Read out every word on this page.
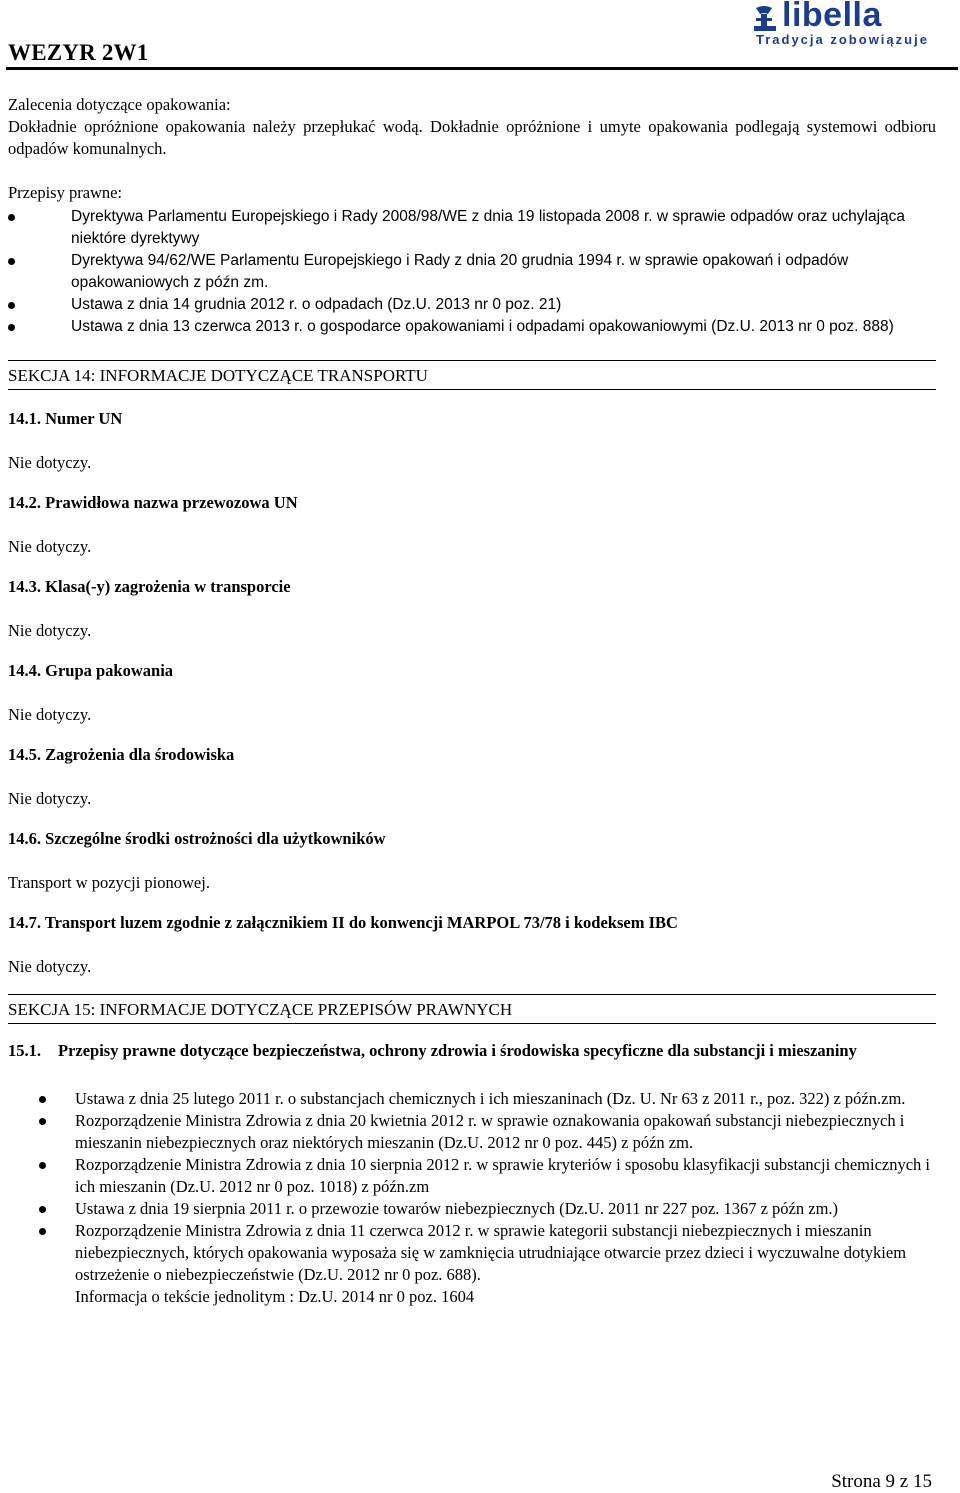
WEZYR 2W1
libella
Tradycja zobowiązuje

Zalecenia dotyczące opakowania:

Dokładnie opróżnione opakowania należy przepłukać wodą. Dokładnie opróżnione i umyte opakowania podlegają systemowi odbioru odpadów komunalnych.

Przepisy prawne:

Dyrektywa Parlamentu Europejskiego i Rady 2008/98/WE z dnia 19 listopada 2008 r. w sprawie odpadów oraz uchylająca niektóre dyrektywy
Dyrektywa 94/62/WE Parlamentu Europejskiego i Rady z dnia 20 grudnia 1994 r. w sprawie opakowań i odpadów opakowaniowych z późn zm.
Ustawa z dnia 14 grudnia 2012 r. o odpadach (Dz.U. 2013 nr 0 poz. 21)
Ustawa z dnia 13 czerwca 2013 r. o gospodarce opakowaniami i odpadami opakowaniowymi (Dz.U. 2013 nr 0 poz. 888)

SEKCJA 14: INFORMACJE DOTYCZĄCE TRANSPORTU

14.1. Numer UN

Nie dotyczy.

14.2. Prawidłowa nazwa przewozowa UN

Nie dotyczy.

14.3. Klasa(-y) zagrożenia w transporcie

Nie dotyczy.

14.4. Grupa pakowania

Nie dotyczy.

14.5. Zagrożenia dla środowiska

Nie dotyczy.

14.6. Szczególne środki ostrożności dla użytkowników

Transport w pozycji pionowej.

14.7. Transport luzem zgodnie z załącznikiem II do konwencji MARPOL 73/78 i kodeksem IBC

Nie dotyczy.

SEKCJA 15: INFORMACJE DOTYCZĄCE PRZEPISÓW PRAWNYCH

15.1.	Przepisy prawne dotyczące bezpieczeństwa, ochrony zdrowia i środowiska specyficzne dla substancji i mieszaniny
Ustawa z dnia 25 lutego 2011 r. o substancjach chemicznych i ich mieszaninach (Dz. U. Nr 63 z 2011 r., poz. 322) z późn.zm.
Rozporządzenie Ministra Zdrowia z dnia 20 kwietnia 2012 r. w sprawie oznakowania opakowań substancji niebezpiecznych i mieszanin niebezpiecznych oraz niektórych mieszanin (Dz.U. 2012 nr 0 poz. 445) z późn zm.
Rozporządzenie Ministra Zdrowia z dnia 10 sierpnia 2012 r. w sprawie kryteriów i sposobu klasyfikacji substancji chemicznych i ich mieszanin (Dz.U. 2012 nr 0 poz. 1018) z późn.zm
Ustawa z dnia 19 sierpnia 2011 r. o przewozie towarów niebezpiecznych (Dz.U. 2011 nr 227 poz. 1367 z późn zm.)
Rozporządzenie Ministra Zdrowia z dnia 11 czerwca 2012 r. w sprawie kategorii substancji niebezpiecznych i mieszanin niebezpiecznych, których opakowania wyposaża się w zamknięcia utrudniające otwarcie przez dzieci i wyczuwalne dotykiem ostrzeżenie o niebezpieczeństwie (Dz.U. 2012 nr 0 poz. 688).

Informacja o tekście jednolitym : Dz.U. 2014 nr 0 poz. 1604

Strona 9 z 15
